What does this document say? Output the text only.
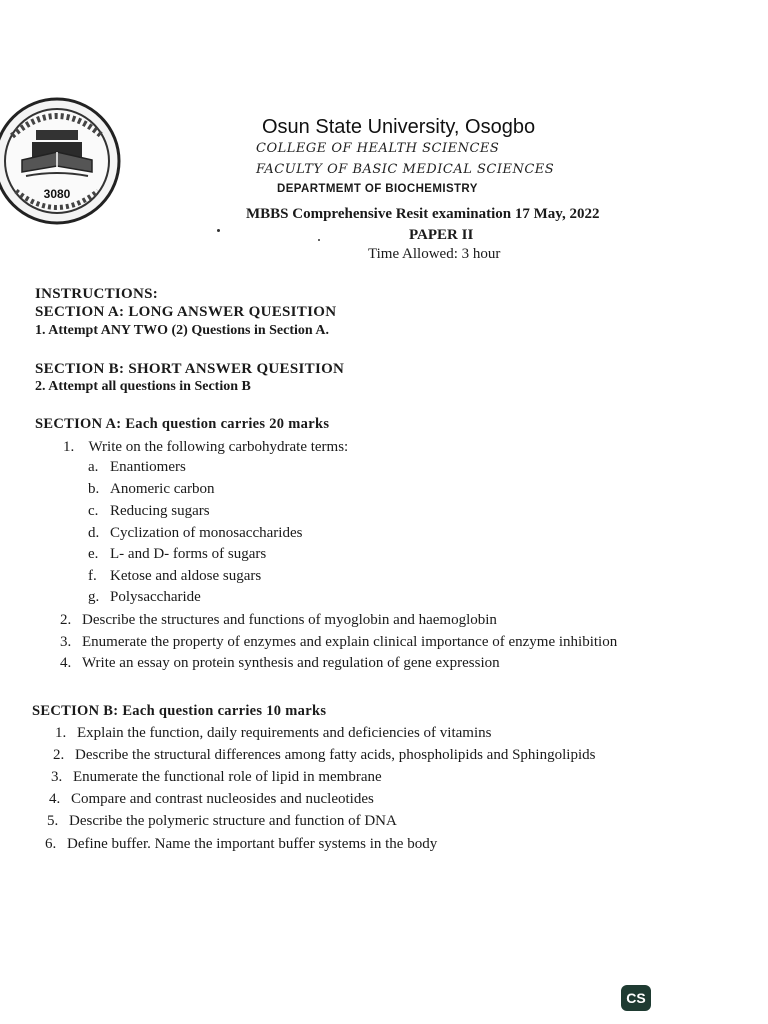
3080
Osun State University, Osogbo
COLLEGE OF HEALTH SCIENCES
FACULTY OF BASIC MEDICAL SCIENCES
DEPARTMEMT OF BIOCHEMISTRY
MBBS Comprehensive Resit examination 17 May, 2022
PAPER II
Time Allowed: 3 hour
INSTRUCTIONS:
SECTION A: LONG ANSWER QUESITION
1. Attempt ANY TWO (2) Questions in Section A.
SECTION B: SHORT ANSWER QUESITION
2. Attempt all questions in Section B
SECTION A: Each question carries 20 marks
1. Write on the following carbohydrate terms:
a. Enantiomers
b. Anomeric carbon
c. Reducing sugars
d. Cyclization of monosaccharides
e. L- and D- forms of sugars
f. Ketose and aldose sugars
g. Polysaccharide
2. Describe the structures and functions of myoglobin and haemoglobin
3. Enumerate the property of enzymes and explain clinical importance of enzyme inhibition
4. Write an essay on protein synthesis and regulation of gene expression
SECTION B: Each question carries 10 marks
1. Explain the function, daily requirements and deficiencies of vitamins
2. Describe the structural differences among fatty acids, phospholipids and Sphingolipids
3. Enumerate the functional role of lipid in membrane
4. Compare and contrast nucleosides and nucleotides
5. Describe the polymeric structure and function of DNA
6. Define buffer. Name the important buffer systems in the body
CS
